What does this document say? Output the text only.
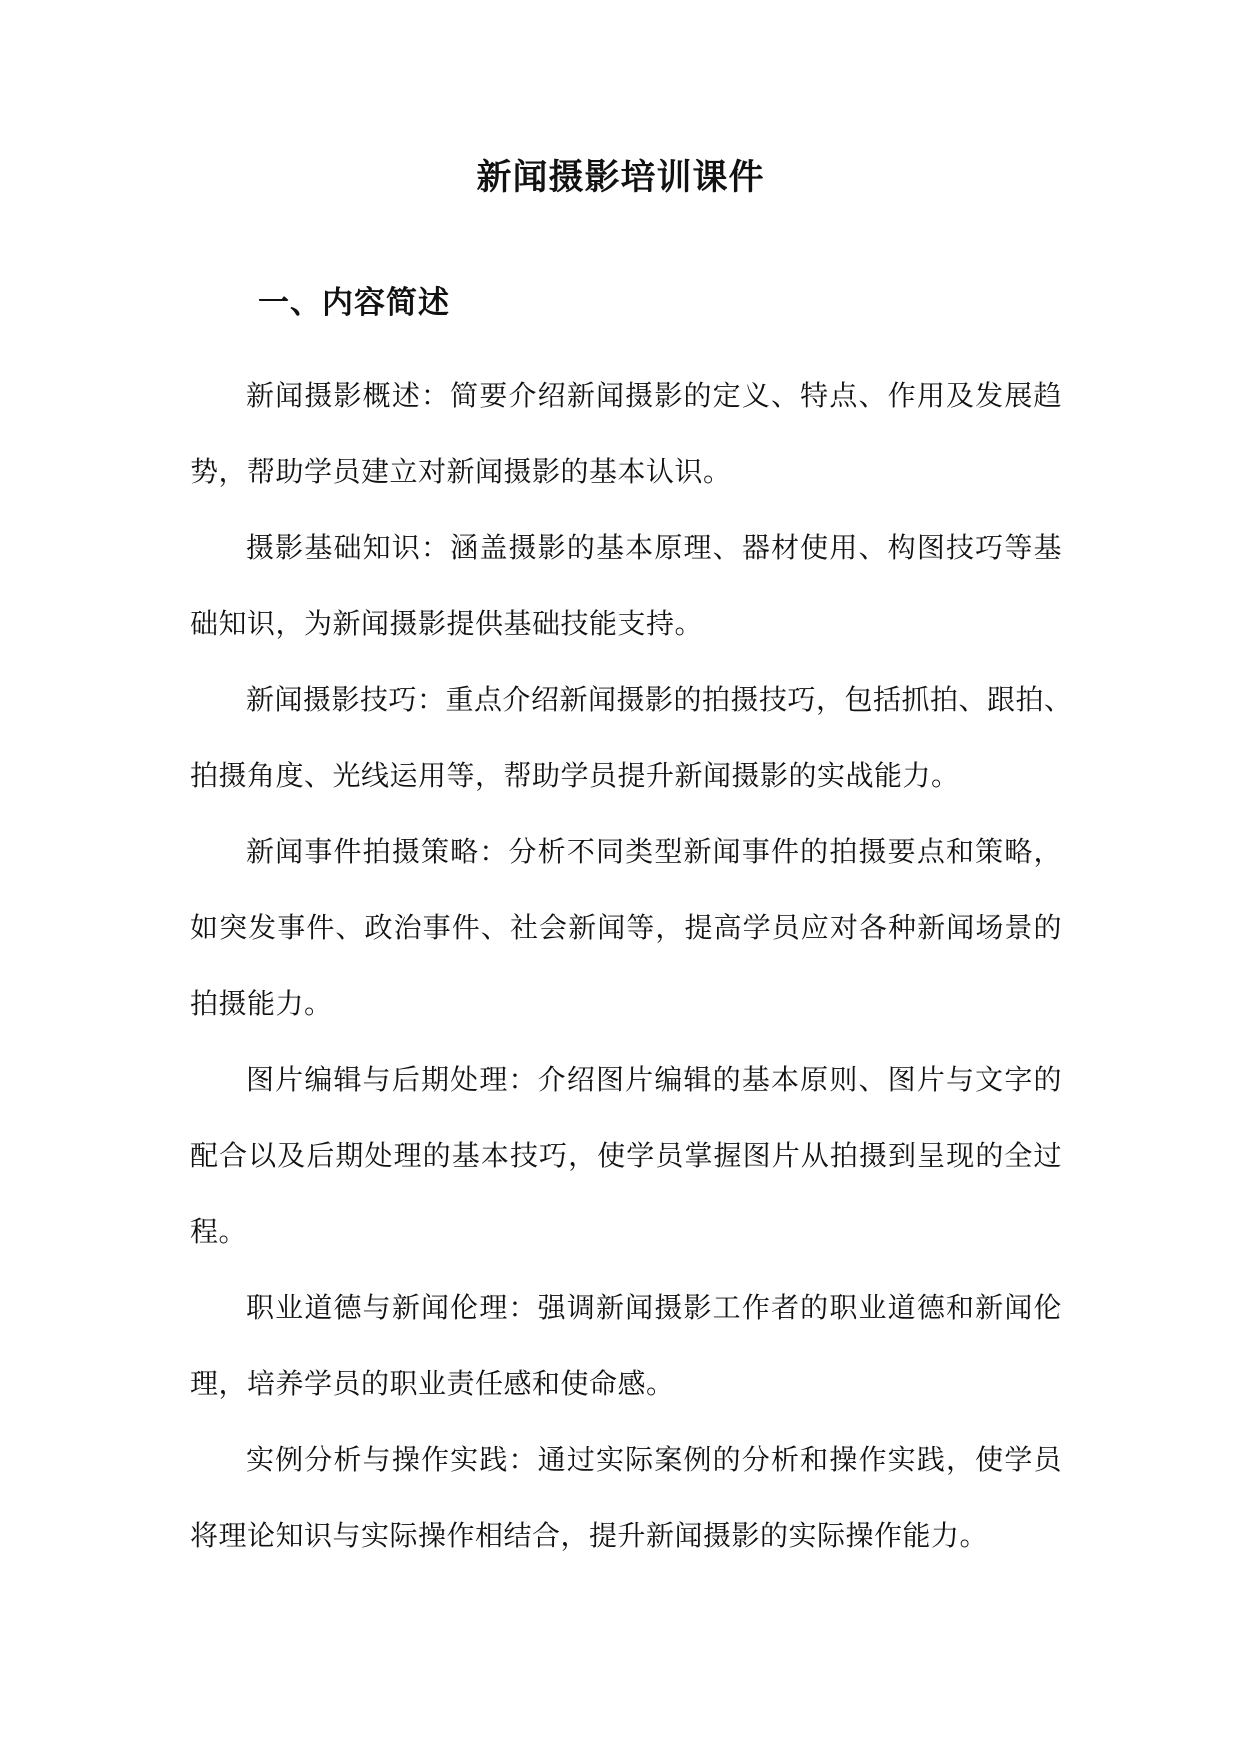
新闻摄影培训课件
一、内容简述
新闻摄影概述：简要介绍新闻摄影的定义、特点、作用及发展趋
势，帮助学员建立对新闻摄影的基本认识。
摄影基础知识：涵盖摄影的基本原理、器材使用、构图技巧等基
础知识，为新闻摄影提供基础技能支持。
新闻摄影技巧：重点介绍新闻摄影的拍摄技巧，包括抓拍、跟拍、
拍摄角度、光线运用等，帮助学员提升新闻摄影的实战能力。
新闻事件拍摄策略：分析不同类型新闻事件的拍摄要点和策略，
如突发事件、政治事件、社会新闻等，提高学员应对各种新闻场景的
拍摄能力。
图片编辑与后期处理：介绍图片编辑的基本原则、图片与文字的
配合以及后期处理的基本技巧，使学员掌握图片从拍摄到呈现的全过
程。
职业道德与新闻伦理：强调新闻摄影工作者的职业道德和新闻伦
理，培养学员的职业责任感和使命感。
实例分析与操作实践：通过实际案例的分析和操作实践，使学员
将理论知识与实际操作相结合，提升新闻摄影的实际操作能力。
